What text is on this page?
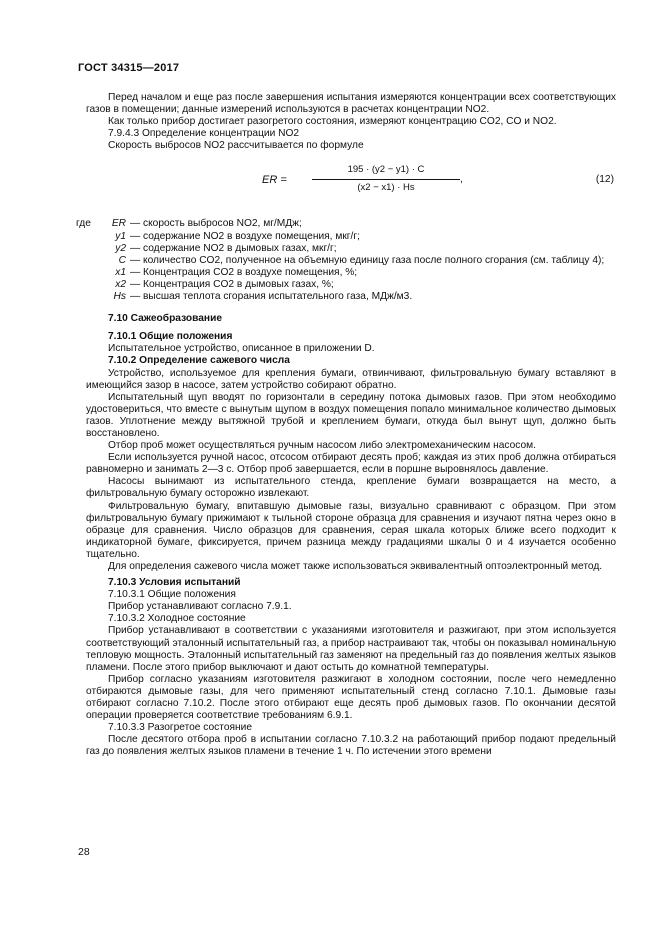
ГОСТ 34315—2017

Перед началом и еще раз после завершения испытания измеряются концентрации всех соответствующих газов в помещении; данные измерений используются в расчетах концентрации NO2.

Как только прибор достигает разогретого состояния, измеряют концентрацию CO2, CO и NO2.

7.9.4.3 Определение концентрации NO2

Скорость выбросов NO2 рассчитывается по формуле

ER =	$\frac{195 \cdot (y2 - y1) \cdot C}{(x2 - x1) \cdot Hs}$ ,	(12)
где	ER — скорость выбросов NO2, мг/МДж;
y1 — содержание NO2 в воздухе помещения, мкг/г;
y2 — содержание NO2 в дымовых газах, мкг/г;
C — количество CO2, полученное на объемную единицу газа после полного сгорания (см. таблицу 4);
x1 — Концентрация CO2 в воздухе помещения, %;
x2 — Концентрация CO2 в дымовых газах, %;
Hs — высшая теплота сгорания испытательного газа, МДж/м3.

7.10 Сажеобразование

7.10.1 Общие положения

Испытательное устройство, описанное в приложении D.

7.10.2 Определение сажевого числа

Устройство, используемое для крепления бумаги, отвинчивают, фильтровальную бумагу вставляют в имеющийся зазор в насосе, затем устройство собирают обратно.

Испытательный щуп вводят по горизонтали в середину потока дымовых газов. При этом необходимо удостовериться, что вместе с вынутым щупом в воздух помещения попало минимальное количество дымовых газов. Уплотнение между вытяжной трубой и креплением бумаги, откуда был вынут щуп, должно быть восстановлено.

Отбор проб может осуществляться ручным насосом либо электромеханическим насосом.

Если используется ручной насос, отсосом отбирают десять проб; каждая из этих проб должна отбираться равномерно и занимать 2—3 с. Отбор проб завершается, если в поршне выровнялось давление.

Насосы вынимают из испытательного стенда, крепление бумаги возвращается на место, а фильтровальную бумагу осторожно извлекают.

Фильтровальную бумагу, впитавшую дымовые газы, визуально сравнивают с образцом. При этом фильтровальную бумагу прижимают к тыльной стороне образца для сравнения и изучают пятна через окно в образце для сравнения. Число образцов для сравнения, серая шкала которых ближе всего подходит к индикаторной бумаге, фиксируется, причем разница между градациями шкалы 0 и 4 изучается особенно тщательно.

Для определения сажевого числа может также использоваться эквивалентный оптоэлектронный метод.

7.10.3 Условия испытаний

7.10.3.1 Общие положения

Прибор устанавливают согласно 7.9.1.

7.10.3.2 Холодное состояние

Прибор устанавливают в соответствии с указаниями изготовителя и разжигают, при этом используется соответствующий эталонный испытательный газ, а прибор настраивают так, чтобы он показывал номинальную тепловую мощность. Эталонный испытательный газ заменяют на предельный газ до появления желтых языков пламени. После этого прибор выключают и дают остыть до комнатной температуры.

Прибор согласно указаниям изготовителя разжигают в холодном состоянии, после чего немедленно отбираются дымовые газы, для чего применяют испытательный стенд согласно 7.10.1. Дымовые газы отбирают согласно 7.10.2. После этого отбирают еще десять проб дымовых газов. По окончании десятой операции проверяется соответствие требованиям 6.9.1.

7.10.3.3 Разогретое состояние

После десятого отбора проб в испытании согласно 7.10.3.2 на работающий прибор подают предельный газ до появления желтых языков пламени в течение 1 ч. По истечении этого времени

28
